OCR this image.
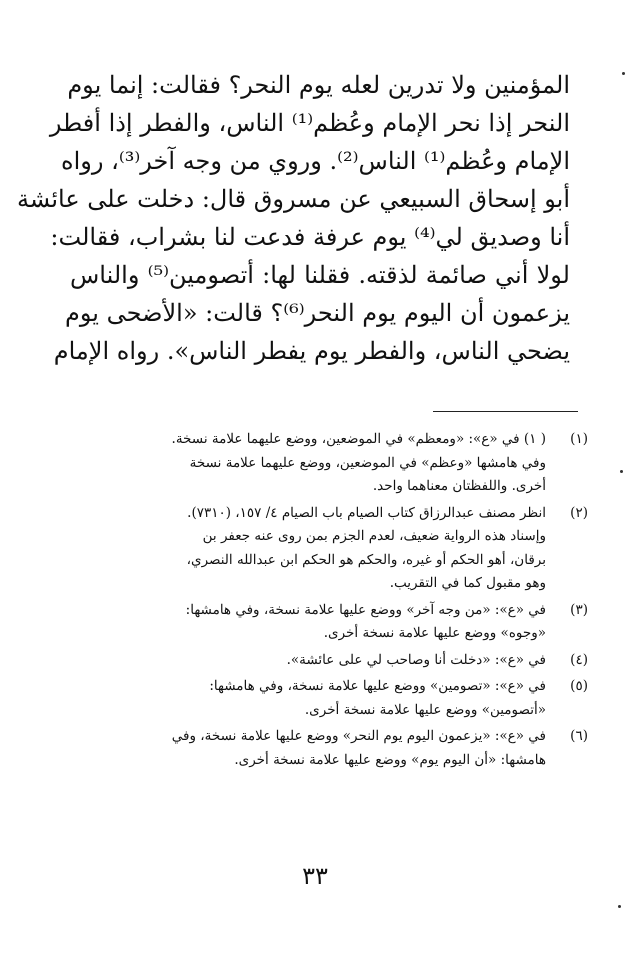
المؤمنين ولا تدرين لعله يوم النحر؟ فقالت: إنما يوم
النحر إذا نحر الإمام وعُظم⁽¹⁾ الناس، والفطر إذا أفطر
الإمام وعُظم⁽¹⁾ الناس⁽²⁾. وروي من وجه آخر⁽³⁾، رواه
أبو إسحاق السبيعي عن مسروق قال: دخلت على عائشة
أنا وصديق لي⁽⁴⁾ يوم عرفة فدعت لنا بشراب، فقالت:
لولا أني صائمة لذقته. فقلنا لها: أتصومين⁽⁵⁾ والناس
يزعمون أن اليوم يوم النحر⁽⁶⁾؟ قالت: «الأضحى يوم
يضحي الناس، والفطر يوم يفطر الناس». رواه الإمام
(١)
( ١) في «ع»: «ومعظم» في الموضعين، ووضع عليهما علامة نسخة.
وفي هامشها «وعظم» في الموضعين، ووضع عليهما علامة نسخة
أخرى. واللفظتان معناهما واحد.
(٢)
انظر مصنف عبدالرزاق كتاب الصيام باب الصيام ٤/ ١٥٧، (٧٣١٠).
وإسناد هذه الرواية ضعيف، لعدم الجزم بمن روى عنه جعفر بن
برقان، أهو الحكم أو غيره، والحكم هو الحكم ابن عبدالله النصري،
وهو مقبول كما في التقريب.
(٣)
في «ع»: «من وجه آخر» ووضع عليها علامة نسخة، وفي هامشها:
«وجوه» ووضع عليها علامة نسخة أخرى.
(٤)
في «ع»: «دخلت أنا وصاحب لي على عائشة».
(٥)
في «ع»: «تصومين» ووضع عليها علامة نسخة، وفي هامشها:
«أتصومين» ووضع عليها علامة نسخة أخرى.
(٦)
في «ع»: «يزعمون اليوم يوم النحر» ووضع عليها علامة نسخة، وفي
هامشها: «أن اليوم يوم» ووضع عليها علامة نسخة أخرى.
٣٣
